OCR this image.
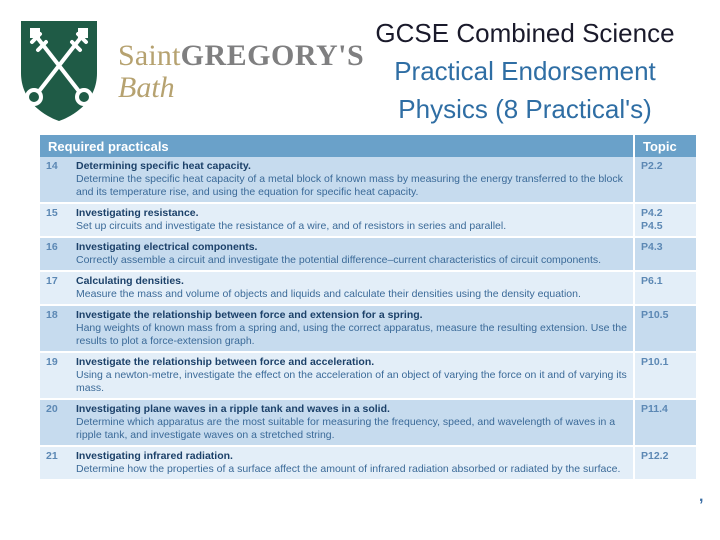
SaintGREGORY'S
Bath
GCSE Combined Science
Practical Endorsement
Physics (8 Practical's)
Required practicals		Topic
14	Determining specific heat capacity.
Determine the specific heat capacity of a metal block of known mass by measuring the energy transferred to the block and its temperature rise, and using the equation for specific heat capacity.	P2.2
15	Investigating resistance.
Set up circuits and investigate the resistance of a wire, and of resistors in series and parallel.	P4.2
P4.5
16	Investigating electrical components.
Correctly assemble a circuit and investigate the potential difference–current characteristics of circuit components.	P4.3
17	Calculating densities.
Measure the mass and volume of objects and liquids and calculate their densities using the density equation.	P6.1
18	Investigate the relationship between force and extension for a spring.
Hang weights of known mass from a spring and, using the correct apparatus, measure the resulting extension. Use the results to plot a force-extension graph.	P10.5
19	Investigate the relationship between force and acceleration.
Using a newton-metre, investigate the effect on the acceleration of an object of varying the force on it and of varying its mass.	P10.1
20	Investigating plane waves in a ripple tank and waves in a solid.
Determine which apparatus are the most suitable for measuring the frequency, speed, and wavelength of waves in a ripple tank, and investigate waves on a stretched string.	P11.4
21	Investigating infrared radiation.
Determine how the properties of a surface affect the amount of infrared radiation absorbed or radiated by the surface.	P12.2
,
